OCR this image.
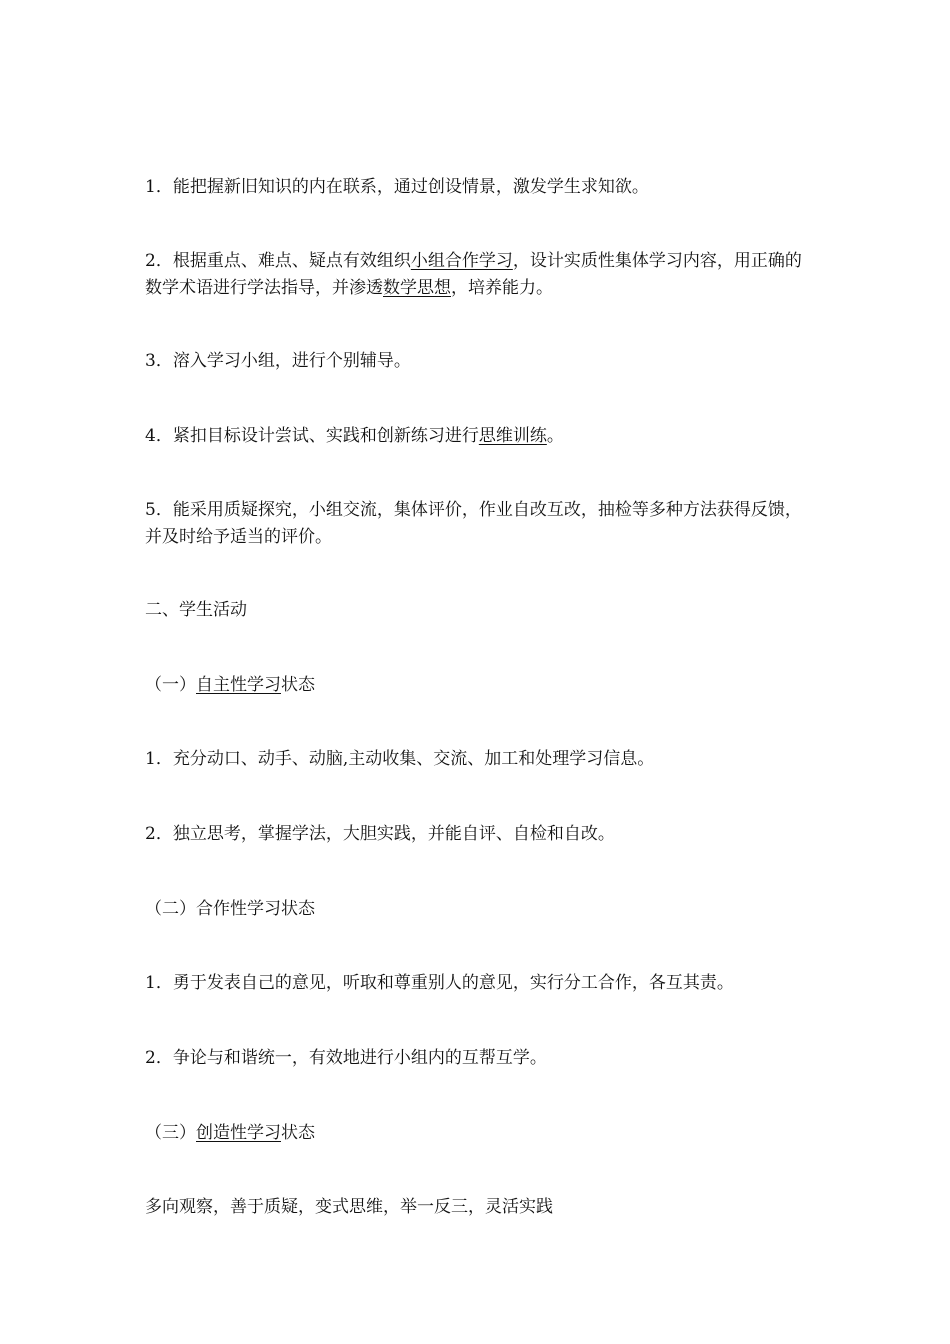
1．能把握新旧知识的内在联系，通过创设情景，激发学生求知欲。

2．根据重点、难点、疑点有效组织小组合作学习，设计实质性集体学习内容，用正确的数学术语进行学法指导，并渗透数学思想，培养能力。

3．溶入学习小组，进行个别辅导。

4．紧扣目标设计尝试、实践和创新练习进行思维训练。

5．能采用质疑探究，小组交流，集体评价，作业自改互改，抽检等多种方法获得反馈，并及时给予适当的评价。

二、学生活动

（一）自主性学习状态

1．充分动口、动手、动脑,主动收集、交流、加工和处理学习信息。

2．独立思考，掌握学法，大胆实践，并能自评、自检和自改。

（二）合作性学习状态

1．勇于发表自己的意见，听取和尊重别人的意见，实行分工合作，各互其责。

2．争论与和谐统一，有效地进行小组内的互帮互学。

（三）创造性学习状态

多向观察，善于质疑，变式思维，举一反三，灵活实践
